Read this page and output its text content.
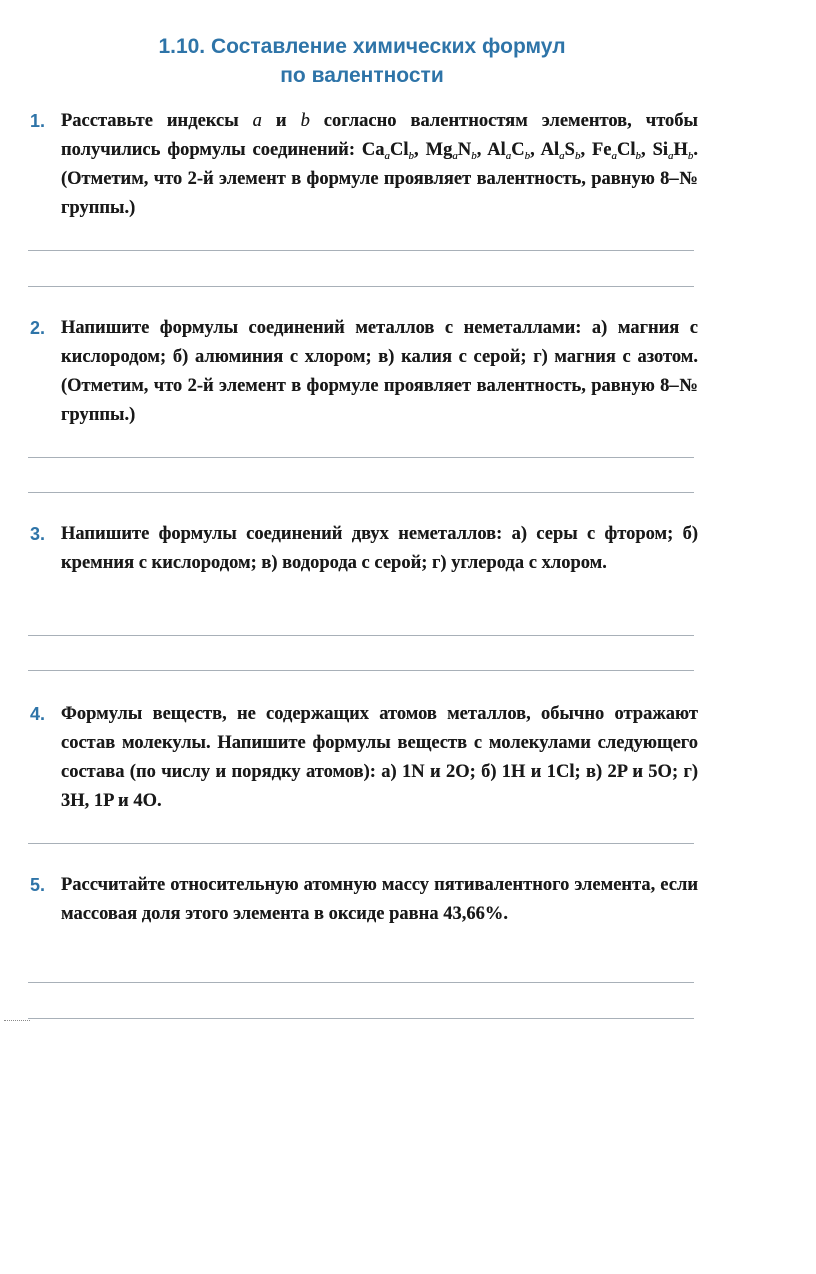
1.10. Составление химических формул
по валентности
1. Расставьте индексы a и b согласно валентностям элементов, чтобы получились формулы соединений: $Ca_aCl_b$, $Mg_aN_b$, $Al_aC_b$, $Al_aS_b$, $Fe_aCl_b$, $Si_aH_b$. (Отметим, что 2-й элемент в формуле проявляет валентность, равную 8–№ группы.)
2. Напишите формулы соединений металлов с неметаллами: а) магния с кислородом; б) алюминия с хлором; в) калия с серой; г) магния с азотом. (Отметим, что 2-й элемент в формуле проявляет валентность, равную 8–№ группы.)
3. Напишите формулы соединений двух неметаллов: а) серы с фтором; б) кремния с кислородом; в) водорода с серой; г) углерода с хлором.
4. Формулы веществ, не содержащих атомов металлов, обычно отражают состав молекулы. Напишите формулы веществ с молекулами следующего состава (по числу и порядку атомов): а) 1N и 2O; б) 1H и 1Cl; в) 2P и 5O; г) 3H, 1P и 4O.
5. Рассчитайте относительную атомную массу пятивалентного элемента, если массовая доля этого элемента в оксиде равна 43,66%.
